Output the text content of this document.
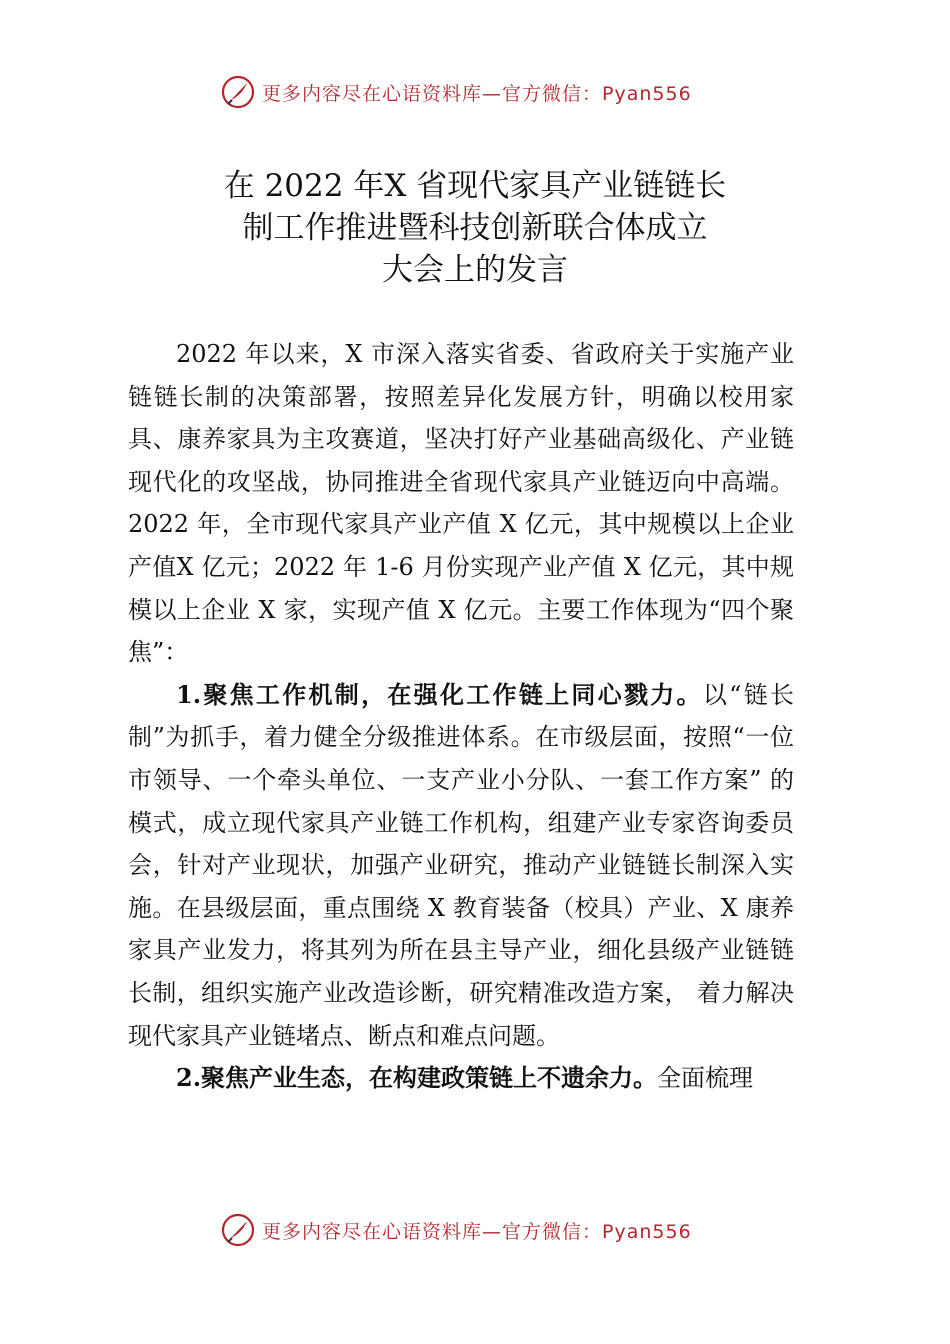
更多内容尽在心语资料库—官方微信：Pyan556
在 2022 年X 省现代家具产业链链长
制工作推进暨科技创新联合体成立
大会上的发言

2022 年以来，X 市深入落实省委、省政府关于实施产业链链长制的决策部署，按照差异化发展方针，明确以校用家具、康养家具为主攻赛道，坚决打好产业基础高级化、产业链现代化的攻坚战，协同推进全省现代家具产业链迈向中高端。2022 年，全市现代家具产业产值 X 亿元，其中规模以上企业产值X 亿元；2022 年 1-6 月份实现产业产值 X 亿元，其中规模以上企业 X 家，实现产值 X 亿元。主要工作体现为“四个聚焦”：

1.聚焦工作机制，在强化工作链上同心戮力。以“链长制”为抓手，着力健全分级推进体系。在市级层面，按照“一位市领导、一个牵头单位、一支产业小分队、一套工作方案” 的模式，成立现代家具产业链工作机构，组建产业专家咨询委员会，针对产业现状，加强产业研究，推动产业链链长制深入实施。在县级层面，重点围绕 X 教育装备（校具）产业、X 康养家具产业发力，将其列为所在县主导产业，细化县级产业链链长制，组织实施产业改造诊断，研究精准改造方案， 着力解决现代家具产业链堵点、断点和难点问题。

2.聚焦产业生态，在构建政策链上不遗余力。全面梳理

更多内容尽在心语资料库—官方微信：Pyan556
